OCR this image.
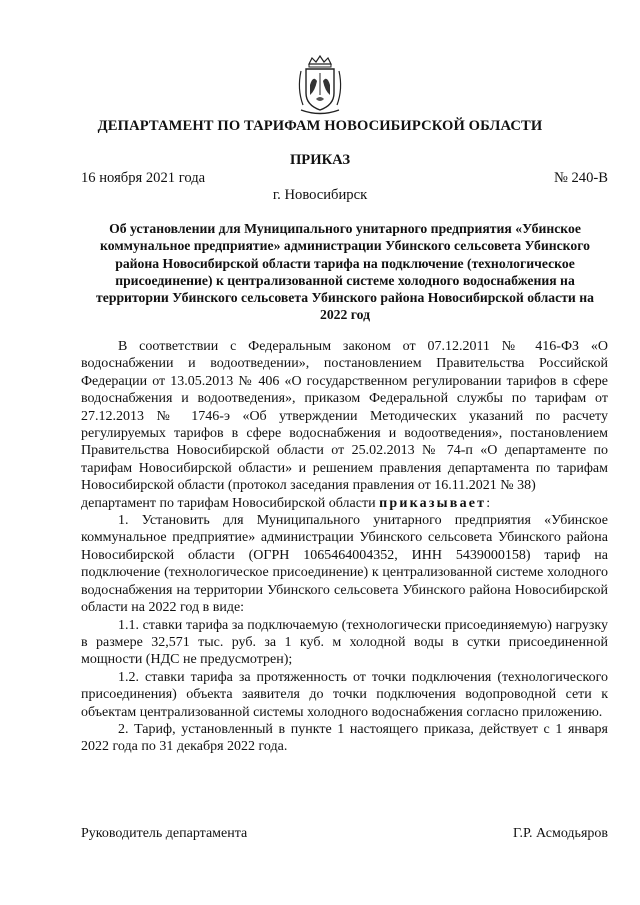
ДЕПАРТАМЕНТ ПО ТАРИФАМ НОВОСИБИРСКОЙ ОБЛАСТИ
ПРИКАЗ
16 ноября 2021 года	№ 240-В
г. Новосибирск
Об установлении для Муниципального унитарного предприятия «Убинское коммунальное предприятие» администрации Убинского сельсовета Убинского района Новосибирской области тарифа на подключение (технологическое присоединение) к централизованной системе холодного водоснабжения на территории Убинского сельсовета Убинского района Новосибирской области на 2022 год

В соответствии с Федеральным законом от 07.12.2011 № 416-ФЗ «О водоснабжении и водоотведении», постановлением Правительства Российской Федерации от 13.05.2013 № 406 «О государственном регулировании тарифов в сфере водоснабжения и водоотведения», приказом Федеральной службы по тарифам от 27.12.2013 № 1746-э «Об утверждении Методических указаний по расчету регулируемых тарифов в сфере водоснабжения и водоотведения», постановлением Правительства Новосибирской области от 25.02.2013 № 74-п «О департаменте по тарифам Новосибирской области» и решением правления департамента по тарифам Новосибирской области (протокол заседания правления от 16.11.2021 № 38)

департамент по тарифам Новосибирской области приказывает:

1. Установить для Муниципального унитарного предприятия «Убинское коммунальное предприятие» администрации Убинского сельсовета Убинского района Новосибирской области (ОГРН 1065464004352, ИНН 5439000158) тариф на подключение (технологическое присоединение) к централизованной системе холодного водоснабжения на территории Убинского сельсовета Убинского района Новосибирской области на 2022 год в виде:

1.1. ставки тарифа за подключаемую (технологически присоединяемую) нагрузку в размере 32,571 тыс. руб. за 1 куб. м холодной воды в сутки присоединенной мощности (НДС не предусмотрен);

1.2. ставки тарифа за протяженность от точки подключения (технологического присоединения) объекта заявителя до точки подключения водопроводной сети к объектам централизованной системы холодного водоснабжения согласно приложению.

2. Тариф, установленный в пункте 1 настоящего приказа, действует с 1 января 2022 года по 31 декабря 2022 года.

Руководитель департамента	Г.Р. Асмодьяров
